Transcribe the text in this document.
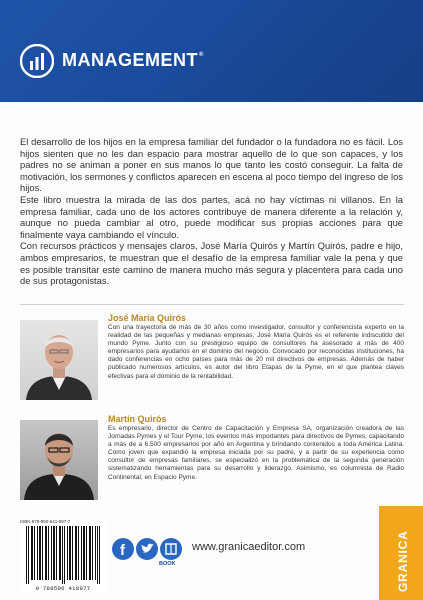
MANAGEMENT®

El desarrollo de los hijos en la empresa familiar del fundador o la fundadora no es fácil. Los hijos sienten que no les dan espacio para mostrar aquello de lo que son capaces, y los padres no se animan a poner en sus manos lo que tanto les costó conseguir. La falta de motivación, los sermones y conflictos aparecen en escena al poco tiempo del ingreso de los hijos.

Este libro muestra la mirada de las dos partes, acá no hay víctimas ni villanos. En la empresa familiar, cada uno de los actores contribuye de manera diferente a la relación y, aunque no pueda cambiar al otro, puede modificar sus propias acciones para que finalmente vaya cambiando el vínculo.

Con recursos prácticos y mensajes claros, José María Quirós y Martín Quirós, padre e hijo, ambos empresarios, te muestran que el desafío de la empresa familiar vale la pena y que es posible transitar este camino de manera mucho más segura y placentera para cada uno de sus protagonistas.

José María Quirós
Con una trayectoria de más de 30 años como investigador, consultor y conferencista experto en la realidad de las pequeñas y medianas empresas, José María Quirós es el referente indiscutido del mundo Pyme. Junto con su prestigioso equipo de consultores ha asesorado a más de 400 empresarios para ayudarlos en el dominio del negocio. Convocado por reconocidas instituciones, ha dado conferencias en ocho países para más de 20 mil directivos de empresas. Además de haber publicado numerosos artículos, es autor del libro Etapas de la Pyme, en el que plantea claves efectivas para el dominio de la rentabilidad.
Martín Quirós
Es empresario, director de Centro de Capacitación y Empresa SA, organización creadora de las Jornadas Pymes y el Tour Pyme, los eventos más importantes para directivos de Pymes, capacitando a más de a 6.500 empresarios por año en Argentina y brindando contenidos a toda América Latina. Como joven que expandió la empresa iniciada por su padre, y a partir de su experiencia como consultor de empresas familiares, se especializó en la problemática de la segunda generación sistematizando herramientas para su desarrollo y liderazgo. Asimismo, es columnista de Radio Continental, en Espacio Pyme.
ISBN 978-950-641-897-7
9 789506 418977
f
BOOK
www.granicaeditor.com	GRANICA
